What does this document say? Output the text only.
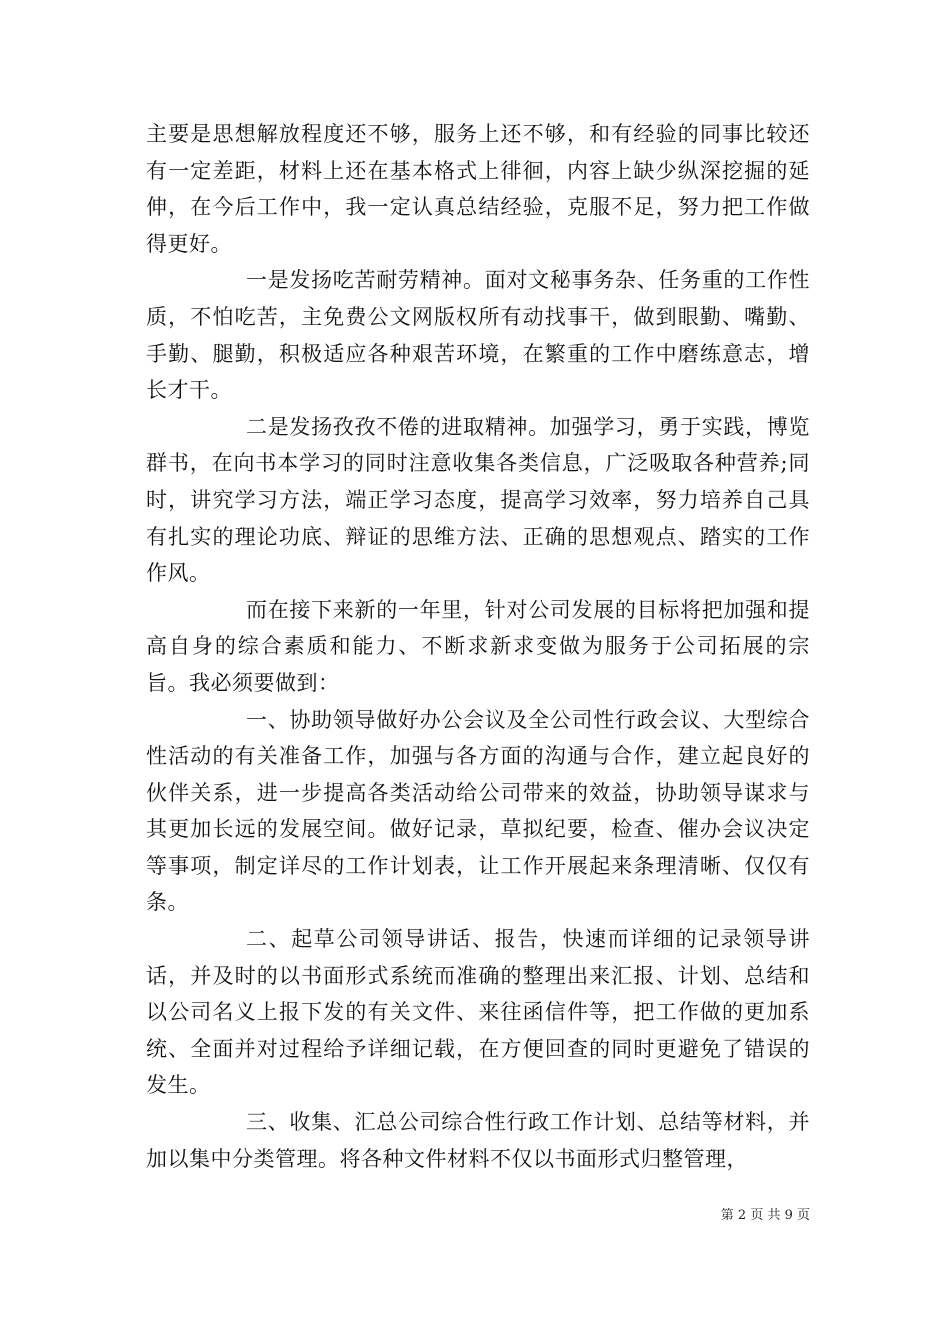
主要是思想解放程度还不够，服务上还不够，和有经验的同事比较还有一定差距，材料上还在基本格式上徘徊，内容上缺少纵深挖掘的延伸，在今后工作中，我一定认真总结经验，克服不足，努力把工作做得更好。

一是发扬吃苦耐劳精神。面对文秘事务杂、任务重的工作性质，不怕吃苦，主免费公文网版权所有动找事干，做到眼勤、嘴勤、手勤、腿勤，积极适应各种艰苦环境，在繁重的工作中磨练意志，增长才干。

二是发扬孜孜不倦的进取精神。加强学习，勇于实践，博览群书，在向书本学习的同时注意收集各类信息，广泛吸取各种营养;同时，讲究学习方法，端正学习态度，提高学习效率，努力培养自己具有扎实的理论功底、辩证的思维方法、正确的思想观点、踏实的工作作风。

而在接下来新的一年里，针对公司发展的目标将把加强和提高自身的综合素质和能力、不断求新求变做为服务于公司拓展的宗旨。我必须要做到：

一、协助领导做好办公会议及全公司性行政会议、大型综合性活动的有关准备工作，加强与各方面的沟通与合作，建立起良好的伙伴关系，进一步提高各类活动给公司带来的效益，协助领导谋求与其更加长远的发展空间。做好记录，草拟纪要，检查、催办会议决定等事项，制定详尽的工作计划表，让工作开展起来条理清晰、仅仅有条。

二、起草公司领导讲话、报告，快速而详细的记录领导讲话，并及时的以书面形式系统而准确的整理出来汇报、计划、总结和以公司名义上报下发的有关文件、来往函信件等，把工作做的更加系统、全面并对过程给予详细记载，在方便回查的同时更避免了错误的发生。

三、收集、汇总公司综合性行政工作计划、总结等材料，并加以集中分类管理。将各种文件材料不仅以书面形式归整管理，

第 2 页 共 9 页
